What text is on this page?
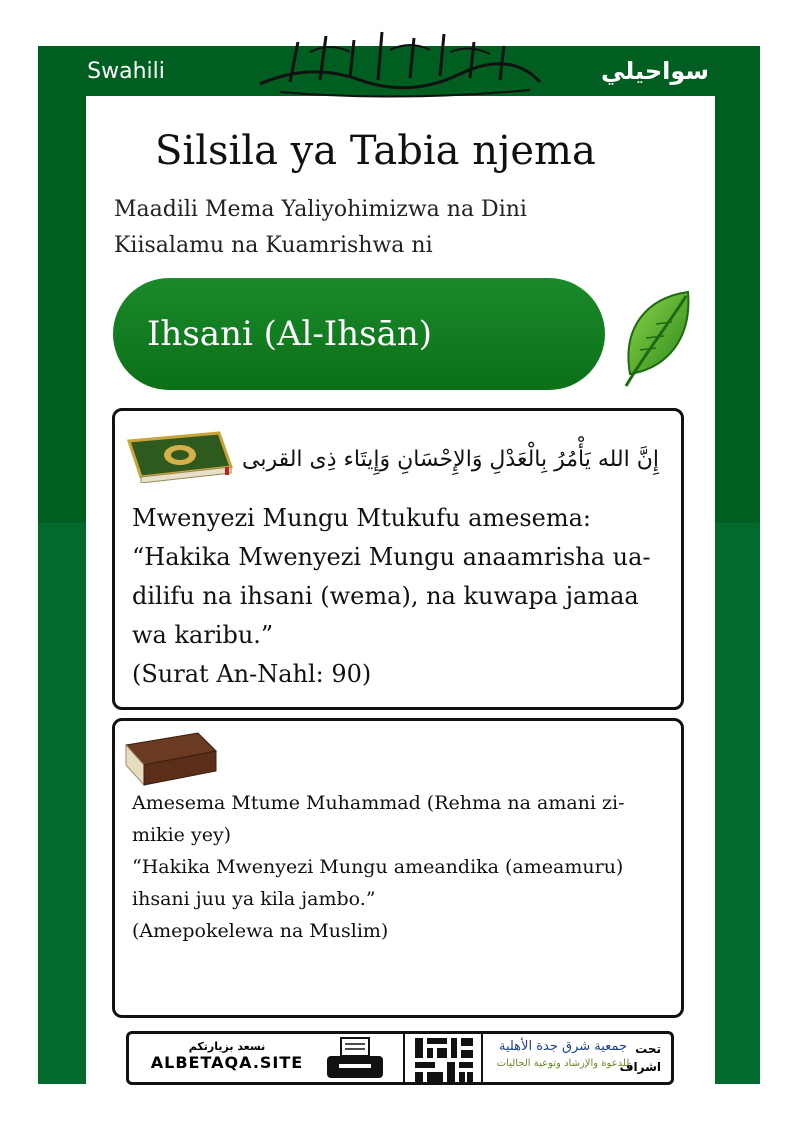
Swahili	سواحيلي
Silsila ya Tabia njema
Maadili Mema Yaliyohimizwa na Dini Kiisalamu na Kuamrishwa ni
Ihsani (Al-Ihsān)
إِنَّ الله يَأْمُرُ بِالْعَدْلِ وَالإِحْسَانِ وَإِيتَاء ذِى القربى

Mwenyezi Mungu Mtukufu amesema:

“Hakika Mwenyezi Mungu anaamrisha ua-

dilifu na ihsani (wema), na kuwapa jamaa

wa karibu.”

(Surat An-Nahl: 90)

Amesema Mtume Muhammad (Rehma na amani zi-

mikie yey)

“Hakika Mwenyezi Mungu ameandika (ameamuru)

ihsani juu ya kila jambo.”

(Amepokelewa na Muslim)

نسعد بزيارتكم
ALBETAQA.SITE
جمعية شرق جدة الأهلية
للدعوة والإرشاد وتوعية الجاليات
تحت
اشراف
